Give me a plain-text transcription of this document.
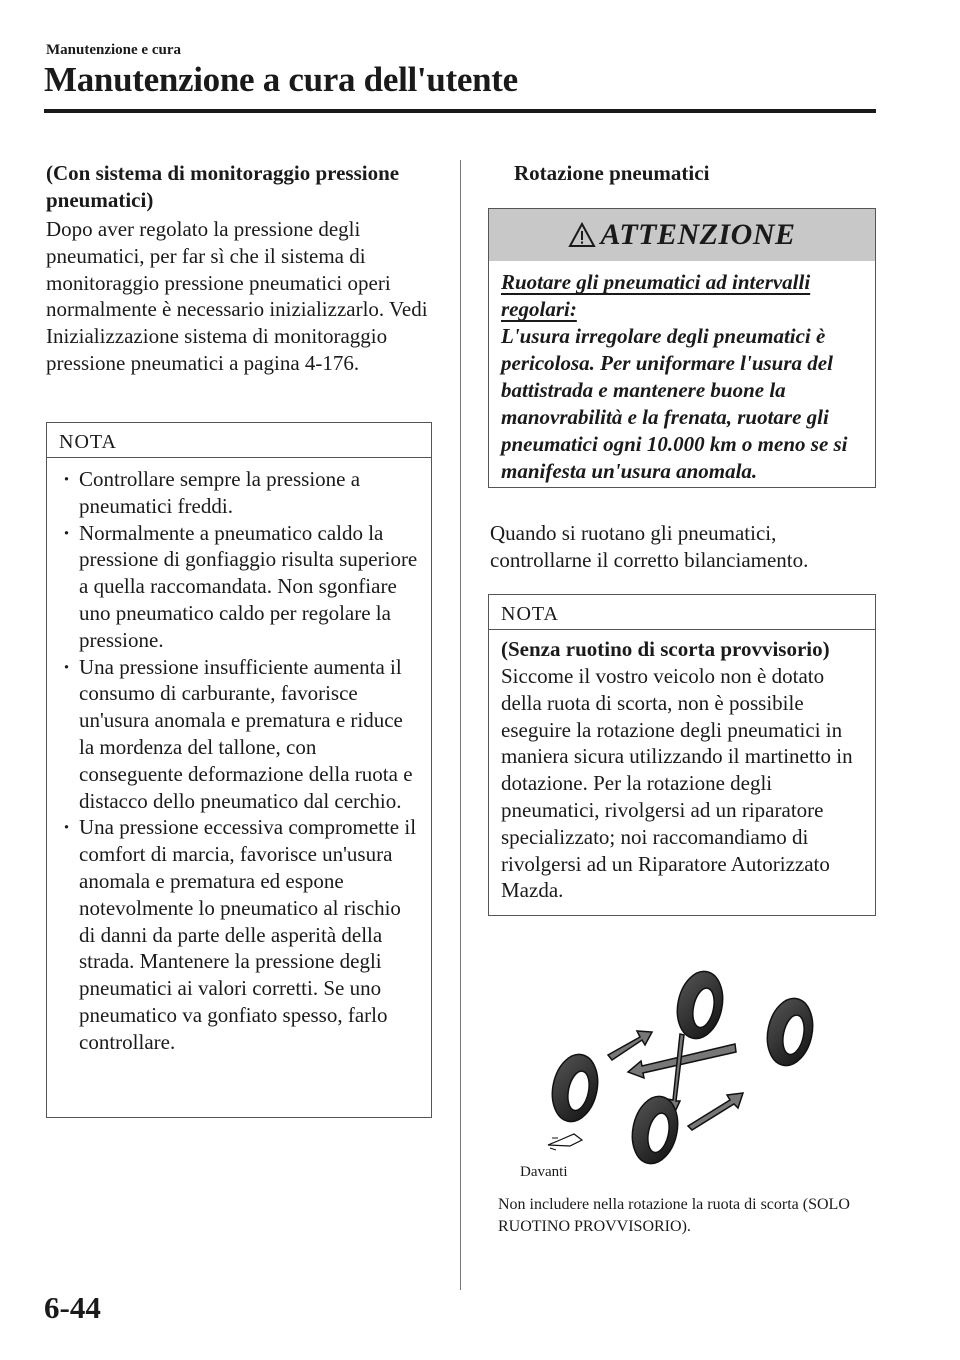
Manutenzione e cura
Manutenzione a cura dell'utente
(Con sistema di monitoraggio pressione pneumatici)
Dopo aver regolato la pressione degli pneumatici, per far sì che il sistema di monitoraggio pressione pneumatici operi normalmente è necessario inizializzarlo. Vedi Inizializzazione sistema di monitoraggio pressione pneumatici a pagina 4-176.
NOTA
· Controllare sempre la pressione a pneumatici freddi.
· Normalmente a pneumatico caldo la pressione di gonfiaggio risulta superiore a quella raccomandata. Non sgonfiare uno pneumatico caldo per regolare la pressione.
· Una pressione insufficiente aumenta il consumo di carburante, favorisce un'usura anomala e prematura e riduce la mordenza del tallone, con conseguente deformazione della ruota e distacco dello pneumatico dal cerchio.
· Una pressione eccessiva compromette il comfort di marcia, favorisce un'usura anomala e prematura ed espone notevolmente lo pneumatico al rischio di danni da parte delle asperità della strada. Mantenere la pressione degli pneumatici ai valori corretti. Se uno pneumatico va gonfiato spesso, farlo controllare.
Rotazione pneumatici
ATTENZIONE
Ruotare gli pneumatici ad intervalli regolari:
L'usura irregolare degli pneumatici è pericolosa. Per uniformare l'usura del battistrada e mantenere buone la manovrabilità e la frenata, ruotare gli pneumatici ogni 10.000 km o meno se si manifesta un'usura anomala.
Quando si ruotano gli pneumatici, controllarne il corretto bilanciamento.
NOTA
(Senza ruotino di scorta provvisorio)
Siccome il vostro veicolo non è dotato della ruota di scorta, non è possibile eseguire la rotazione degli pneumatici in maniera sicura utilizzando il martinetto in dotazione. Per la rotazione degli pneumatici, rivolgersi ad un riparatore specializzato; noi raccomandiamo di rivolgersi ad un Riparatore Autorizzato Mazda.
Davanti
Non includere nella rotazione la ruota di scorta (SOLO RUOTINO PROVVISORIO).
6-44
